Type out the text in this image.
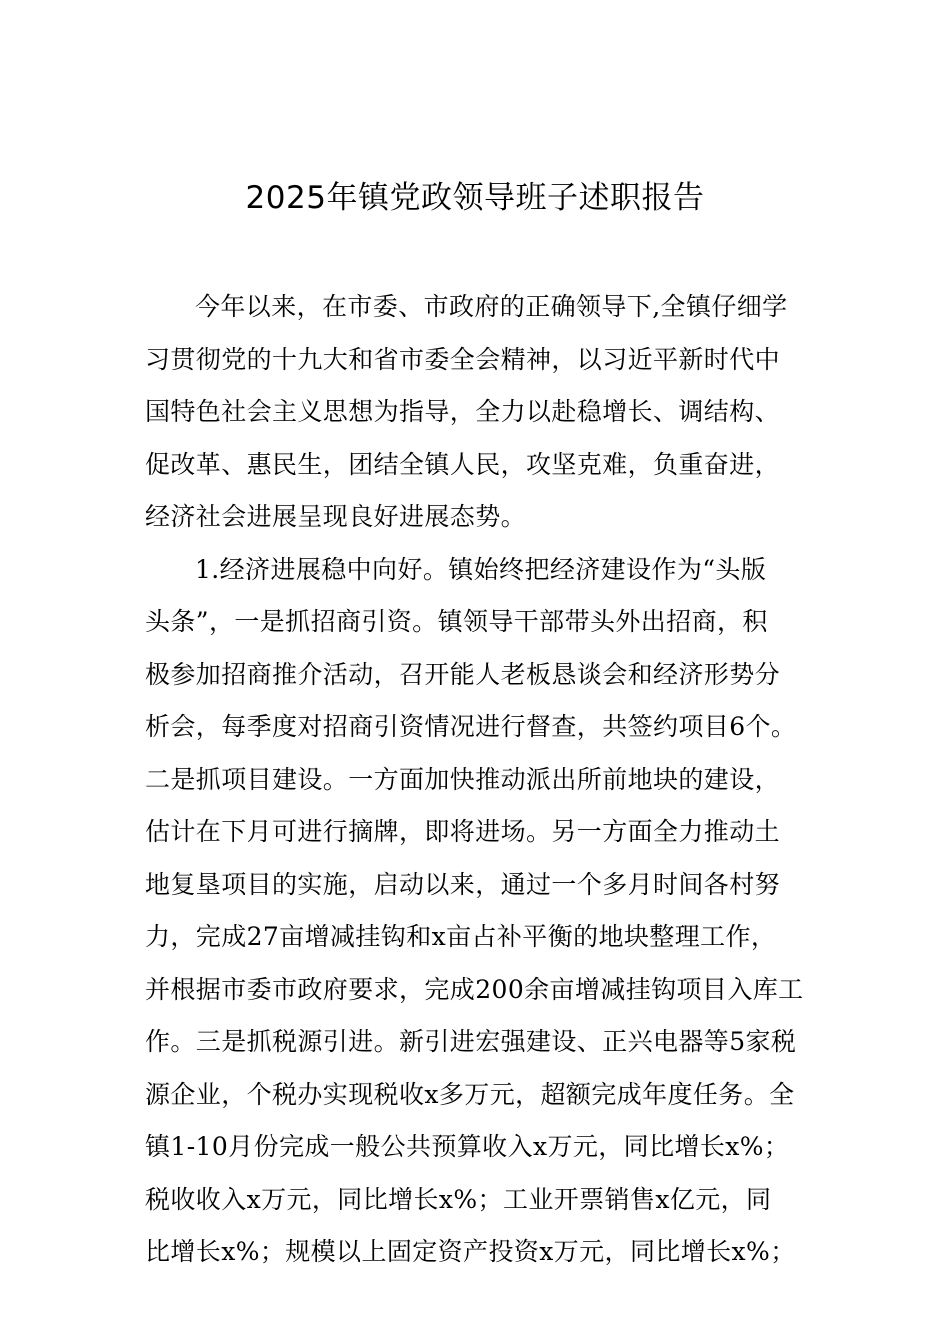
2025年镇党政领导班子述职报告
今年以来，在市委、市政府的正确领导下,全镇仔细学
习贯彻党的十九大和省市委全会精神，以习近平新时代中
国特色社会主义思想为指导，全力以赴稳增长、调结构、
促改革、惠民生，团结全镇人民，攻坚克难，负重奋进，
经济社会进展呈现良好进展态势。
1.经济进展稳中向好。镇始终把经济建设作为“头版
头条”，一是抓招商引资。镇领导干部带头外出招商，积
极参加招商推介活动，召开能人老板恳谈会和经济形势分
析会，每季度对招商引资情况进行督查，共签约项目6个。
二是抓项目建设。一方面加快推动派出所前地块的建设，
估计在下月可进行摘牌，即将进场。另一方面全力推动土
地复垦项目的实施，启动以来，通过一个多月时间各村努
力，完成27亩增减挂钩和x亩占补平衡的地块整理工作，
并根据市委市政府要求，完成200余亩增减挂钩项目入库工
作。三是抓税源引进。新引进宏强建设、正兴电器等5家税
源企业，个税办实现税收x多万元，超额完成年度任务。全
镇1-10月份完成一般公共预算收入x万元，同比增长x%；
税收收入x万元，同比增长x%；工业开票销售x亿元，同
比增长x%；规模以上固定资产投资x万元，同比增长x%；
